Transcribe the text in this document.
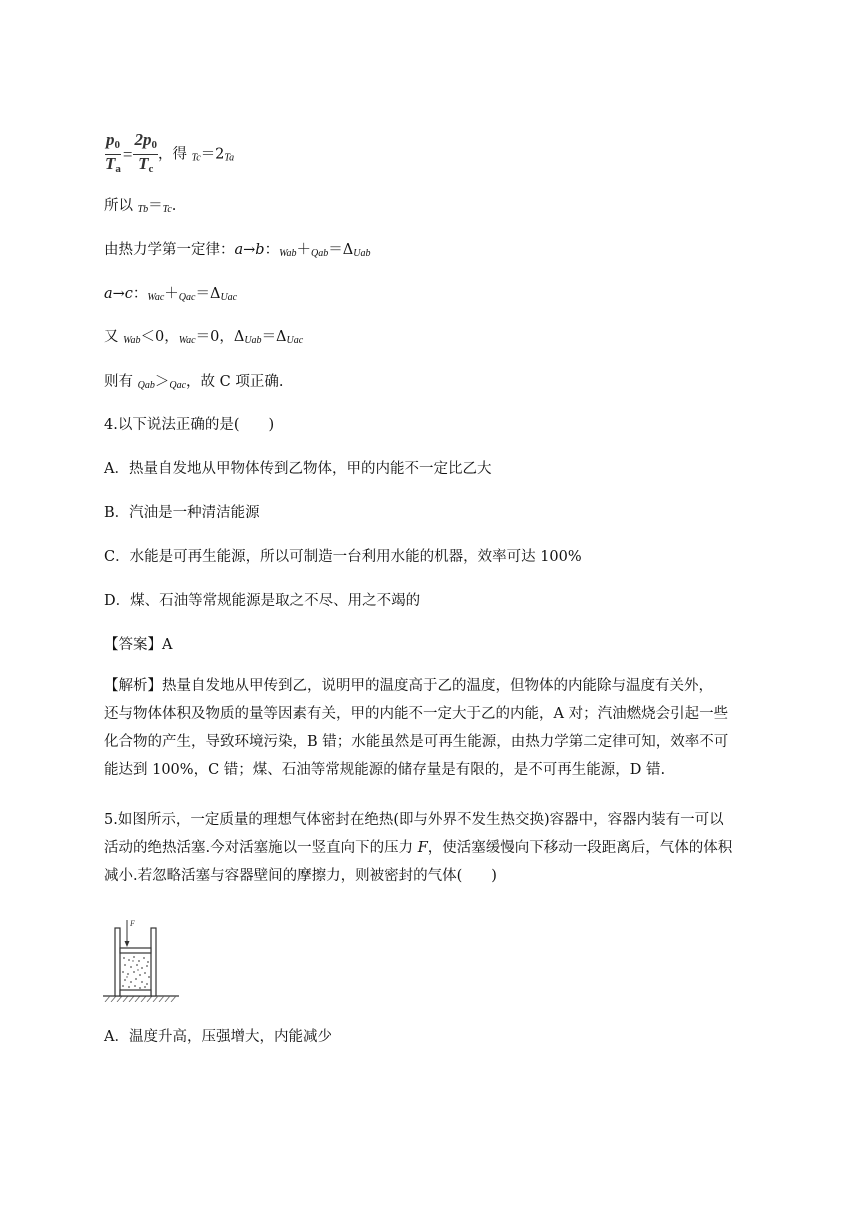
$\frac{p0}{Ta} = \frac{2p0}{Tc}$ ，得 $_{Tc}=2_{Ta}$
所以 $_{Tb}=_{Tc}$.
由热力学第一定律：a→b：$_{Wab}+_{Qab}=\Delta_{Uab}$
a→c：$_{Wac}+_{Qac}=\Delta_{Uac}$
又 $_{Wab}$＜0，$_{Wac}$＝0，$\Delta_{Uab}=\Delta_{Uac}$
则有 $_{Qab}>_{Qac}$，故 C 项正确.
4.以下说法正确的是(　　)
A．热量自发地从甲物体传到乙物体，甲的内能不一定比乙大
B．汽油是一种清洁能源
C．水能是可再生能源，所以可制造一台利用水能的机器，效率可达 100%
D．煤、石油等常规能源是取之不尽、用之不竭的
【答案】A
【解析】热量自发地从甲传到乙，说明甲的温度高于乙的温度，但物体的内能除与温度有关外，
还与物体体积及物质的量等因素有关，甲的内能不一定大于乙的内能，A 对；汽油燃烧会引起一些
化合物的产生，导致环境污染，B 错；水能虽然是可再生能源，由热力学第二定律可知，效率不可
能达到 100%，C 错；煤、石油等常规能源的储存量是有限的，是不可再生能源，D 错.
5.如图所示，一定质量的理想气体密封在绝热(即与外界不发生热交换)容器中，容器内装有一可以
活动的绝热活塞.今对活塞施以一竖直向下的压力 F，使活塞缓慢向下移动一段距离后，气体的体积
减小.若忽略活塞与容器壁间的摩擦力，则被密封的气体(　　)
F
A．温度升高，压强增大，内能减少
